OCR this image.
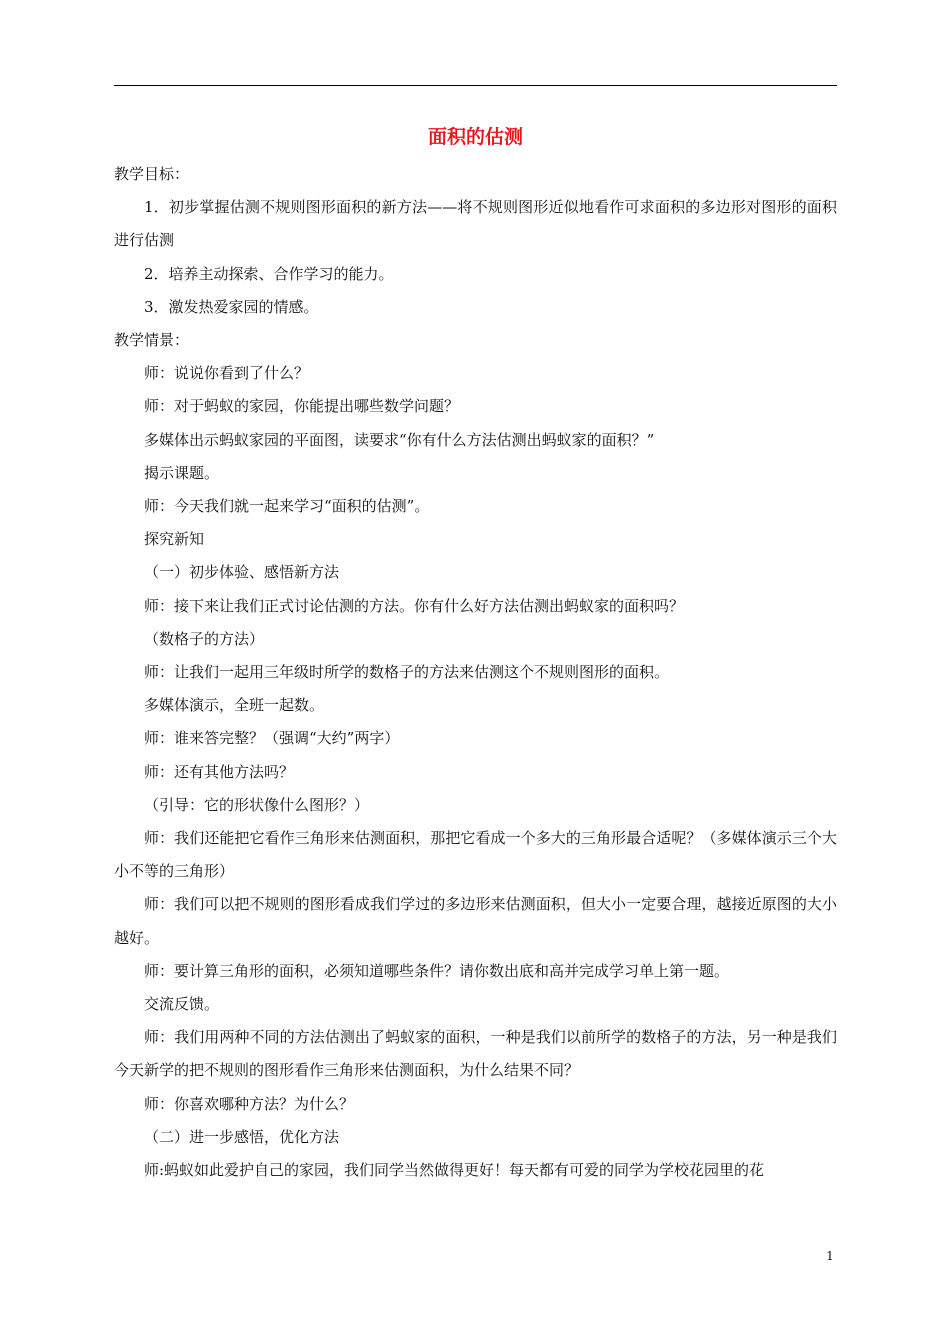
面积的估测

教学目标：

1．初步掌握估测不规则图形面积的新方法——将不规则图形近似地看作可求面积的多边形对图形的面积进行估测

2．培养主动探索、合作学习的能力。

3．激发热爱家园的情感。

教学情景：

师：说说你看到了什么？

师：对于蚂蚁的家园，你能提出哪些数学问题？

多媒体出示蚂蚁家园的平面图，读要求“你有什么方法估测出蚂蚁家的面积？”

揭示课题。

师：今天我们就一起来学习“面积的估测”。

探究新知

（一）初步体验、感悟新方法

师：接下来让我们正式讨论估测的方法。你有什么好方法估测出蚂蚁家的面积吗？

（数格子的方法）

师：让我们一起用三年级时所学的数格子的方法来估测这个不规则图形的面积。

多媒体演示，全班一起数。

师：谁来答完整？（强调“大约”两字）

师：还有其他方法吗？

（引导：它的形状像什么图形？）

师：我们还能把它看作三角形来估测面积，那把它看成一个多大的三角形最合适呢？（多媒体演示三个大小不等的三角形）

师：我们可以把不规则的图形看成我们学过的多边形来估测面积，但大小一定要合理，越接近原图的大小越好。

师：要计算三角形的面积，必须知道哪些条件？请你数出底和高并完成学习单上第一题。

交流反馈。

师：我们用两种不同的方法估测出了蚂蚁家的面积，一种是我们以前所学的数格子的方法，另一种是我们今天新学的把不规则的图形看作三角形来估测面积，为什么结果不同？

师：你喜欢哪种方法？为什么？

（二）进一步感悟，优化方法

师:蚂蚁如此爱护自己的家园，我们同学当然做得更好！每天都有可爱的同学为学校花园里的花

1
